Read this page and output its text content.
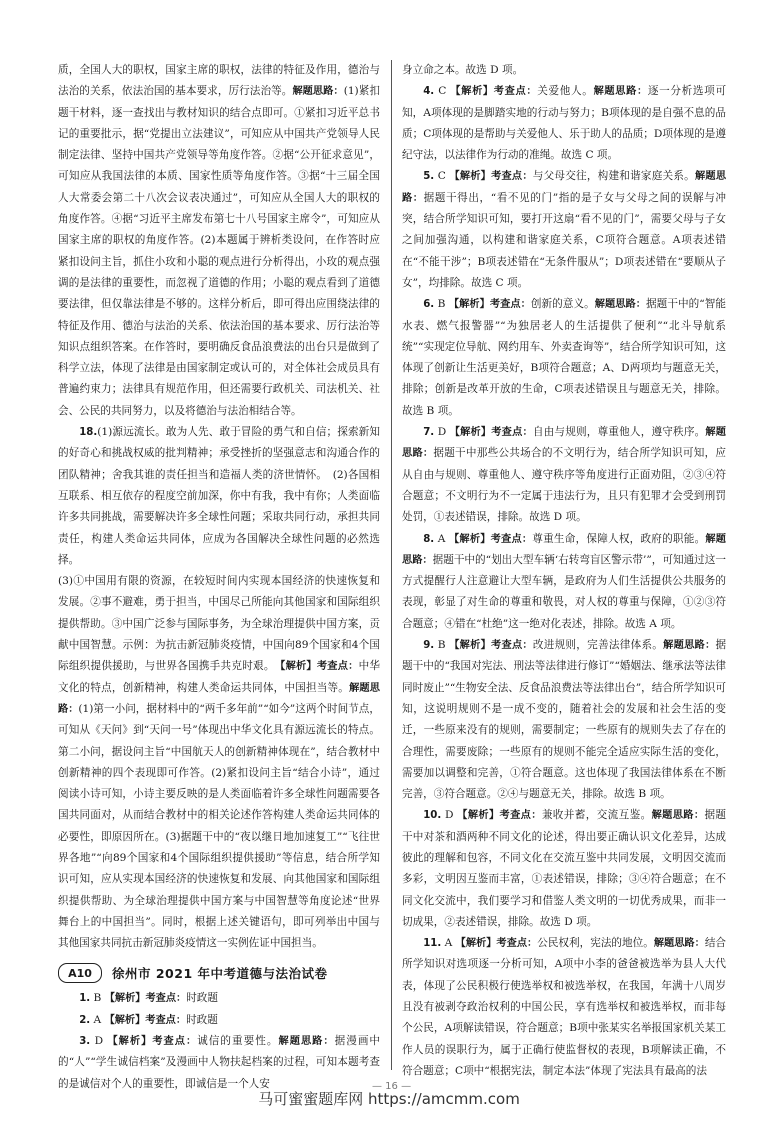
质，全国人大的职权，国家主席的职权，法律的特征及作用，德治与法治的关系，依法治国的基本要求，厉行法治等。解题思路：(1)紧扣题干材料，逐一查找出与教材知识的结合点即可。①紧扣习近平总书记的重要批示，据“党提出立法建议”，可知应从中国共产党领导人民制定法律、坚持中国共产党领导等角度作答。②据“公开征求意见”，可知应从我国法律的本质、国家性质等角度作答。③据“十三届全国人大常委会第二十八次会议表决通过”，可知应从全国人大的职权的角度作答。④据“习近平主席发布第七十八号国家主席令”，可知应从国家主席的职权的角度作答。(2)本题属于辨析类设问，在作答时应紧扣设问主旨，抓住小玫和小聪的观点进行分析得出，小玫的观点强调的是法律的重要性，而忽视了道德的作用；小聪的观点看到了道德要法律，但仅靠法律是不够的。这样分析后，即可得出应围绕法律的特征及作用、德治与法治的关系、依法治国的基本要求、厉行法治等知识点组织答案。在作答时，要明确反食品浪费法的出台只是做到了科学立法，体现了法律是由国家制定或认可的，对全体社会成员具有普遍约束力；法律具有规范作用，但还需要行政机关、司法机关、社会、公民的共同努力，以及将德治与法治相结合等。

18.(1)源远流长。敢为人先、敢于冒险的勇气和自信；探索新知的好奇心和挑战权威的批判精神；承受挫折的坚强意志和沟通合作的团队精神；舍我其谁的责任担当和造福人类的济世情怀。　 (2)各国相互联系、相互依存的程度空前加深，你中有我，我中有你；人类面临许多共同挑战，需要解决许多全球性问题；采取共同行动，承担共同责任，构建人类命运共同体，应成为各国解决全球性问题的必然选择。

(3)①中国用有限的资源，在较短时间内实现本国经济的快速恢复和发展。②事不避难，勇于担当，中国尽己所能向其他国家和国际组织提供帮助。③中国广泛参与国际事务，为全球治理提供中国方案，贡献中国智慧。示例：为抗击新冠肺炎疫情，中国向89个国家和4个国际组织提供援助，与世界各国携手共克时艰。　 【解析】考查点：中华文化的特点，创新精神，构建人类命运共同体，中国担当等。解题思路：(1)第一小问，据材料中的“两千多年前”“如今”这两个时间节点，可知从《天问》到“天问一号”体现出中华文化具有源远流长的特点。第二小问，据设问主旨“中国航天人的创新精神体现在”，结合教材中创新精神的四个表现即可作答。(2)紧扣设问主旨“结合小诗”，通过阅读小诗可知，小诗主要反映的是人类面临着许多全球性问题需要各国共同面对，从而结合教材中的相关论述作答构建人类命运共同体的必要性，即原因所在。(3)据题干中的“夜以继日地加速复工”“飞往世界各地”“向89个国家和4个国际组织提供援助”等信息，结合所学知识可知，应从实现本国经济的快速恢复和发展、向其他国家和国际组织提供帮助、为全球治理提供中国方案与中国智慧等角度论述“世界舞台上的中国担当”。同时，根据上述关键语句，即可列举出中国与其他国家共同抗击新冠肺炎疫情这一实例佐证中国担当。

A10	徐州市 2021 年中考道德与法治试卷

1. B 【解析】考查点：时政题

2. A 【解析】考查点：时政题

3. D 【解析】考查点：诚信的重要性。解题思路：据漫画中的“人”“学生诚信档案”及漫画中人物扶起档案的过程，可知本题考查的是诚信对个人的重要性，即诚信是一个人安

身立命之本。故选 D 项。

4. C 【解析】考查点：关爱他人。解题思路：逐一分析选项可知，A项体现的是脚踏实地的行动与努力；B项体现的是自强不息的品质；C项体现的是帮助与关爱他人、乐于助人的品质；D项体现的是遵纪守法，以法律作为行动的准绳。故选 C 项。

5. C 【解析】考查点：与父母交往，构建和谐家庭关系。解题思路：据题干得出，“看不见的门”指的是子女与父母之间的误解与冲突，结合所学知识可知，要打开这扇“看不见的门”，需要父母与子女之间加强沟通，以构建和谐家庭关系，C项符合题意。A项表述错在“不能干涉”；B项表述错在“无条件服从”；D项表述错在“要顺从子女”，均排除。故选 C 项。

6. B 【解析】考查点：创新的意义。解题思路：据题干中的“智能水表、燃气报警器”“为独居老人的生活提供了便利”“北斗导航系统”“实现定位导航、网约用车、外卖查询等”，结合所学知识可知，这体现了创新让生活更美好，B项符合题意；A、D两项均与题意无关，排除；创新是改革开放的生命，C项表述错误且与题意无关，排除。故选 B 项。

7. D 【解析】考查点：自由与规则，尊重他人，遵守秩序。解题思路：据题干中那些公共场合的不文明行为，结合所学知识可知，应从自由与规则、尊重他人、遵守秩序等角度进行正面劝阻，②③④符合题意；不文明行为不一定属于违法行为，且只有犯罪才会受到刑罚处罚，①表述错误，排除。故选 D 项。

8. A 【解析】考查点：尊重生命，保障人权，政府的职能。解题思路：据题干中的“划出大型车辆‘右转弯盲区警示带’”，可知通过这一方式提醒行人注意避让大型车辆，是政府为人们生活提供公共服务的表现，彰显了对生命的尊重和敬畏，对人权的尊重与保障，①②③符合题意；④错在“杜绝”这一绝对化表述，排除。故选 A 项。

9. B 【解析】考查点：改进规则，完善法律体系。解题思路：据题干中的“我国对宪法、刑法等法律进行修订”“婚姻法、继承法等法律同时废止”“生物安全法、反食品浪费法等法律出台”，结合所学知识可知，这说明规则不是一成不变的，随着社会的发展和社会生活的变迁，一些原来没有的规则，需要制定；一些原有的规则失去了存在的合理性，需要废除；一些原有的规则不能完全适应实际生活的变化，需要加以调整和完善，①符合题意。这也体现了我国法律体系在不断完善，③符合题意。②④与题意无关，排除。故选 B 项。

10. D 【解析】考查点：兼收并蓄，交流互鉴。解题思路：据题干中对茶和酒两种不同文化的论述，得出要正确认识文化差异，达成彼此的理解和包容，不同文化在交流互鉴中共同发展，文明因交流而多彩，文明因互鉴而丰富，①表述错误，排除；③④符合题意；在不同文化交流中，我们要学习和借鉴人类文明的一切优秀成果，而非一切成果，②表述错误，排除。故选 D 项。

11. A 【解析】考查点：公民权利，宪法的地位。解题思路：结合所学知识对选项逐一分析可知，A项中小李的爸爸被选举为县人大代表，体现了公民积极行使选举权和被选举权，在我国，年满十八周岁且没有被剥夺政治权利的中国公民，享有选举权和被选举权，而非每个公民，A项解读错误，符合题意；B项中张某实名举报国家机关某工作人员的误职行为，属于正确行使监督权的表现，B项解读正确，不符合题意；C项中“根据宪法，制定本法”体现了宪法具有最高的法

— 16 —
马可蜜蜜题库网 https://amcmm.com
